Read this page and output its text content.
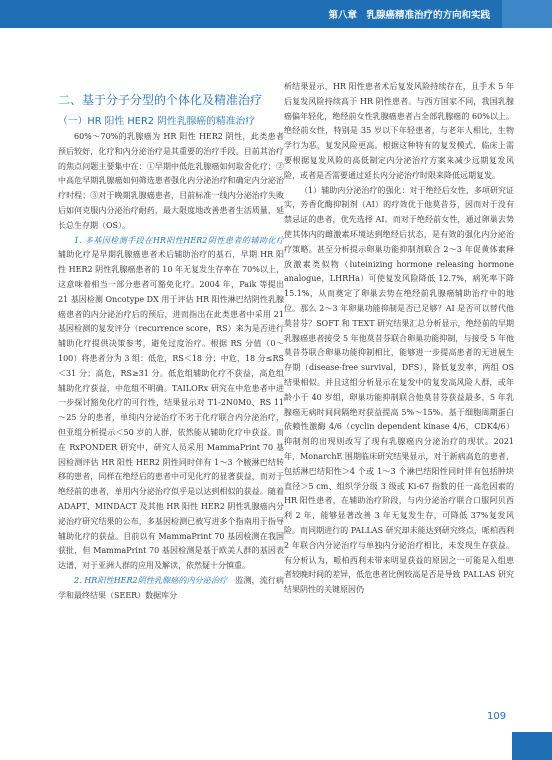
第八章　乳腺癌精准治疗的方向和实践
二、基于分子分型的个体化及精准治疗
（一）HR 阳性 HER2 阴性乳腺癌的精准治疗

60%～70%的乳腺癌为 HR 阳性 HER2 阴性，此类患者预后较好，化疗和内分泌治疗是其重要的治疗手段。目前其治疗的焦点问题主要集中在：①早期中低危乳腺癌如何取舍化疗；②中高危早期乳腺癌如何筛选患者强化内分泌治疗和确定内分泌治疗时程；③对于晚期乳腺癌患者，目前标准一线内分泌治疗失败后如何克服内分泌治疗耐药，最大限度地改善患者生活质量，延长总生存期（OS）。

1. 多基因检测手段在HR阳性HER2阴性患者的辅助化疗　辅助化疗是早期乳腺癌患者术后辅助治疗的基石，早期 HR 阳性 HER2 阴性乳腺癌患者的 10 年无复发生存率在 70%以上，这意味着相当一部分患者可豁免化疗。2004 年，Paik 等提出 21 基因检测 Oncotype DX 用于评估 HR 阳性淋巴结阴性乳腺癌患者的内分泌治疗后的预后，进而指出在此类患者中采用 21 基因检测的复发评分（recurrence score，RS）来为是否进行辅助化疗提供决策参考，避免过度治疗。根据 RS 分值（0～100）将患者分为 3 组：低危，RS＜18 分；中危，18 分≤RS＜31 分；高危，RS≥31 分。低危组辅助化疗不获益，高危组辅助化疗获益，中危组不明确。TAILORx 研究在中危患者中进一步探讨豁免化疗的可行性，结果显示对 T1-2N0M0、RS 11～25 分的患者，单纯内分泌治疗不劣于化疗联合内分泌治疗，但亚组分析提示＜50 岁的人群，依然能从辅助化疗中获益。而在 RxPONDER 研究中，研究人员采用 MammaPrint 70 基因检测评估 HR 阳性 HER2 阴性同时伴有 1～3 个腋淋巴结转移的患者，同样在绝经后的患者中可见化疗的显著获益，而对于绝经前的患者，单用内分泌治疗似乎是以达到相似的获益。随着 ADAPT、MINDACT 及其他 HR 阳性 HER2 阴性乳腺癌内分泌治疗研究结果的公布，多基因检测已被写进多个指南用于指导辅助化疗的获益。目前以有 MammaPrint 70 基因检测在我国获批，但 MammaPrint 70 基因检测是基于欧美人群的基因表达谱，对于亚洲人群的应用及解读，依然疑十分慎重。

2. HR阳性HER2阴性乳腺癌的内分泌治疗　 监测，流行病学和最终结果（SEER）数据库分

析结果显示，HR 阳性患者术后复发风险持续存在，且手术 5 年后复发风险持续高于 HR 阴性患者。与西方国家不同，我国乳腺癌偏年轻化，绝经前女性乳腺癌患者占全部乳腺癌的 60%以上。绝经前女性，特别是 35 岁以下年轻患者，与老年人相比，生物学行为恶，复发风险更高。根据这种特有的复发模式，临床上需要根据复发风险的高低制定内分泌治疗方案来减少远期复发风险，或者是否需要通过延长内分泌治疗时限来降低远期复发。

（1）辅助内分泌治疗的强化：对于绝经后女性，多项研究证实，芳香化酶抑制剂（AI）的疗效优于他莫昔芬，因而对于没有禁忌证的患者，优先选择 AI。而对于绝经前女性，通过卵巢去势使其体内的雌激素环境达到绝经后状态，是有效的强化内分泌治疗策略。甚至分析提示卵巢功能抑制剂联合 2～3 年促黄体素释放激素类似物（luteinizing hormone releasing hormone analogue，LHRHa）可使复发风险降低 12.7%，病死率下降 15.1%，从而奠定了卵巢去势在绝经前乳腺癌辅助治疗中的地位。那么 2～3 年卵巢功能抑制是否已足够？AI 是否可以替代他莫昔芬？SOFT 和 TEXT 研究结果汇总分析显示，绝经前的早期乳腺癌患者接受 5 年他莫昔芬联合卵巢功能抑制，与接受 5 年他莫昔芬联合卵巢功能抑制相比，能够进一步提高患者的无进展生存期（disease-free survival，DFS），降低复发率，两组 OS 结果相似。并且这组分析显示在复发中的复发高风险人群，或年龄小于 40 岁组，卵巢功能抑制联合他莫昔芬获益最多，5 年乳腺癌无病时间间隔绝对获益提高 5%～15%。基于细胞周期蛋白依赖性激酶 4/6（cyclin dependent kinase 4/6，CDK4/6）抑制剂的出现则改写了现有乳腺癌内分泌治疗的现状。2021 年，MonarchE 围期临床研究结果显示，对于新病高危的患者，包括淋巴结阳性＞4 个或 1～3 个淋巴结阳性同时伴有包括肿块直径＞5 cm、组织学分级 3 级或 Ki-67 指数的任一高危因素的 HR 阳性患者，在辅助治疗阶段，与内分泌治疗联合口服阿贝西利 2 年，能够显著改善 3 年无复发生存，可降低 37%复发风险。而同期进行的 PALLAS 研究却未能达到研究终点，哌柏西利 2 年联合内分泌治疗与单独内分泌治疗相比，未发现生存获益。有分析认为，哌柏西利未带来明显获益的原因之一可能是入组患者较晚时间的差异，低危患者比例较高是否是导致 PALLAS 研究结果阴性的关键原因仍

109
